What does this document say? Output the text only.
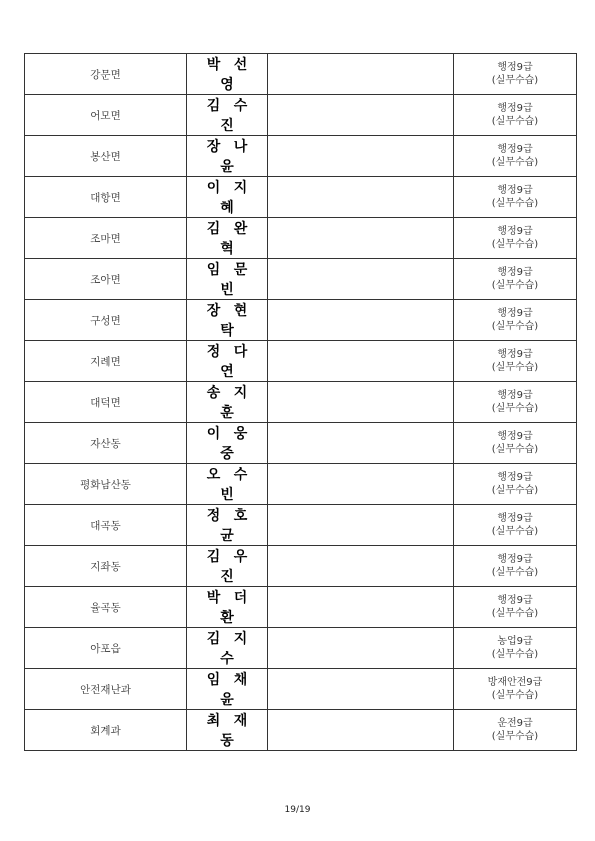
강문면	박 선영		행정9급
(실무수습)

어모면	김 수진		행정9급
(실무수습)

봉산면	장 나윤		행정9급
(실무수습)

대항면	이 지혜		행정9급
(실무수습)

조마면	김 완혁		행정9급
(실무수습)

조아면	임 문빈		행정9급
(실무수습)

구성면	장 현탁		행정9급
(실무수습)

지례면	정 다연		행정9급
(실무수습)

대덕면	송 지훈		행정9급
(실무수습)

자산동	이 웅중		행정9급
(실무수습)

평화남산동	오 수빈		행정9급
(실무수습)

대곡동	정 호균		행정9급
(실무수습)

지좌동	김 우진		행정9급
(실무수습)

율곡동	박 더환		행정9급
(실무수습)

아포읍	김 지수		농업9급
(실무수습)

안전재난과	임 채윤		방재안전9급
(실무수습)

회계과	최 재동		운전9급
(실무수습)
19/19
